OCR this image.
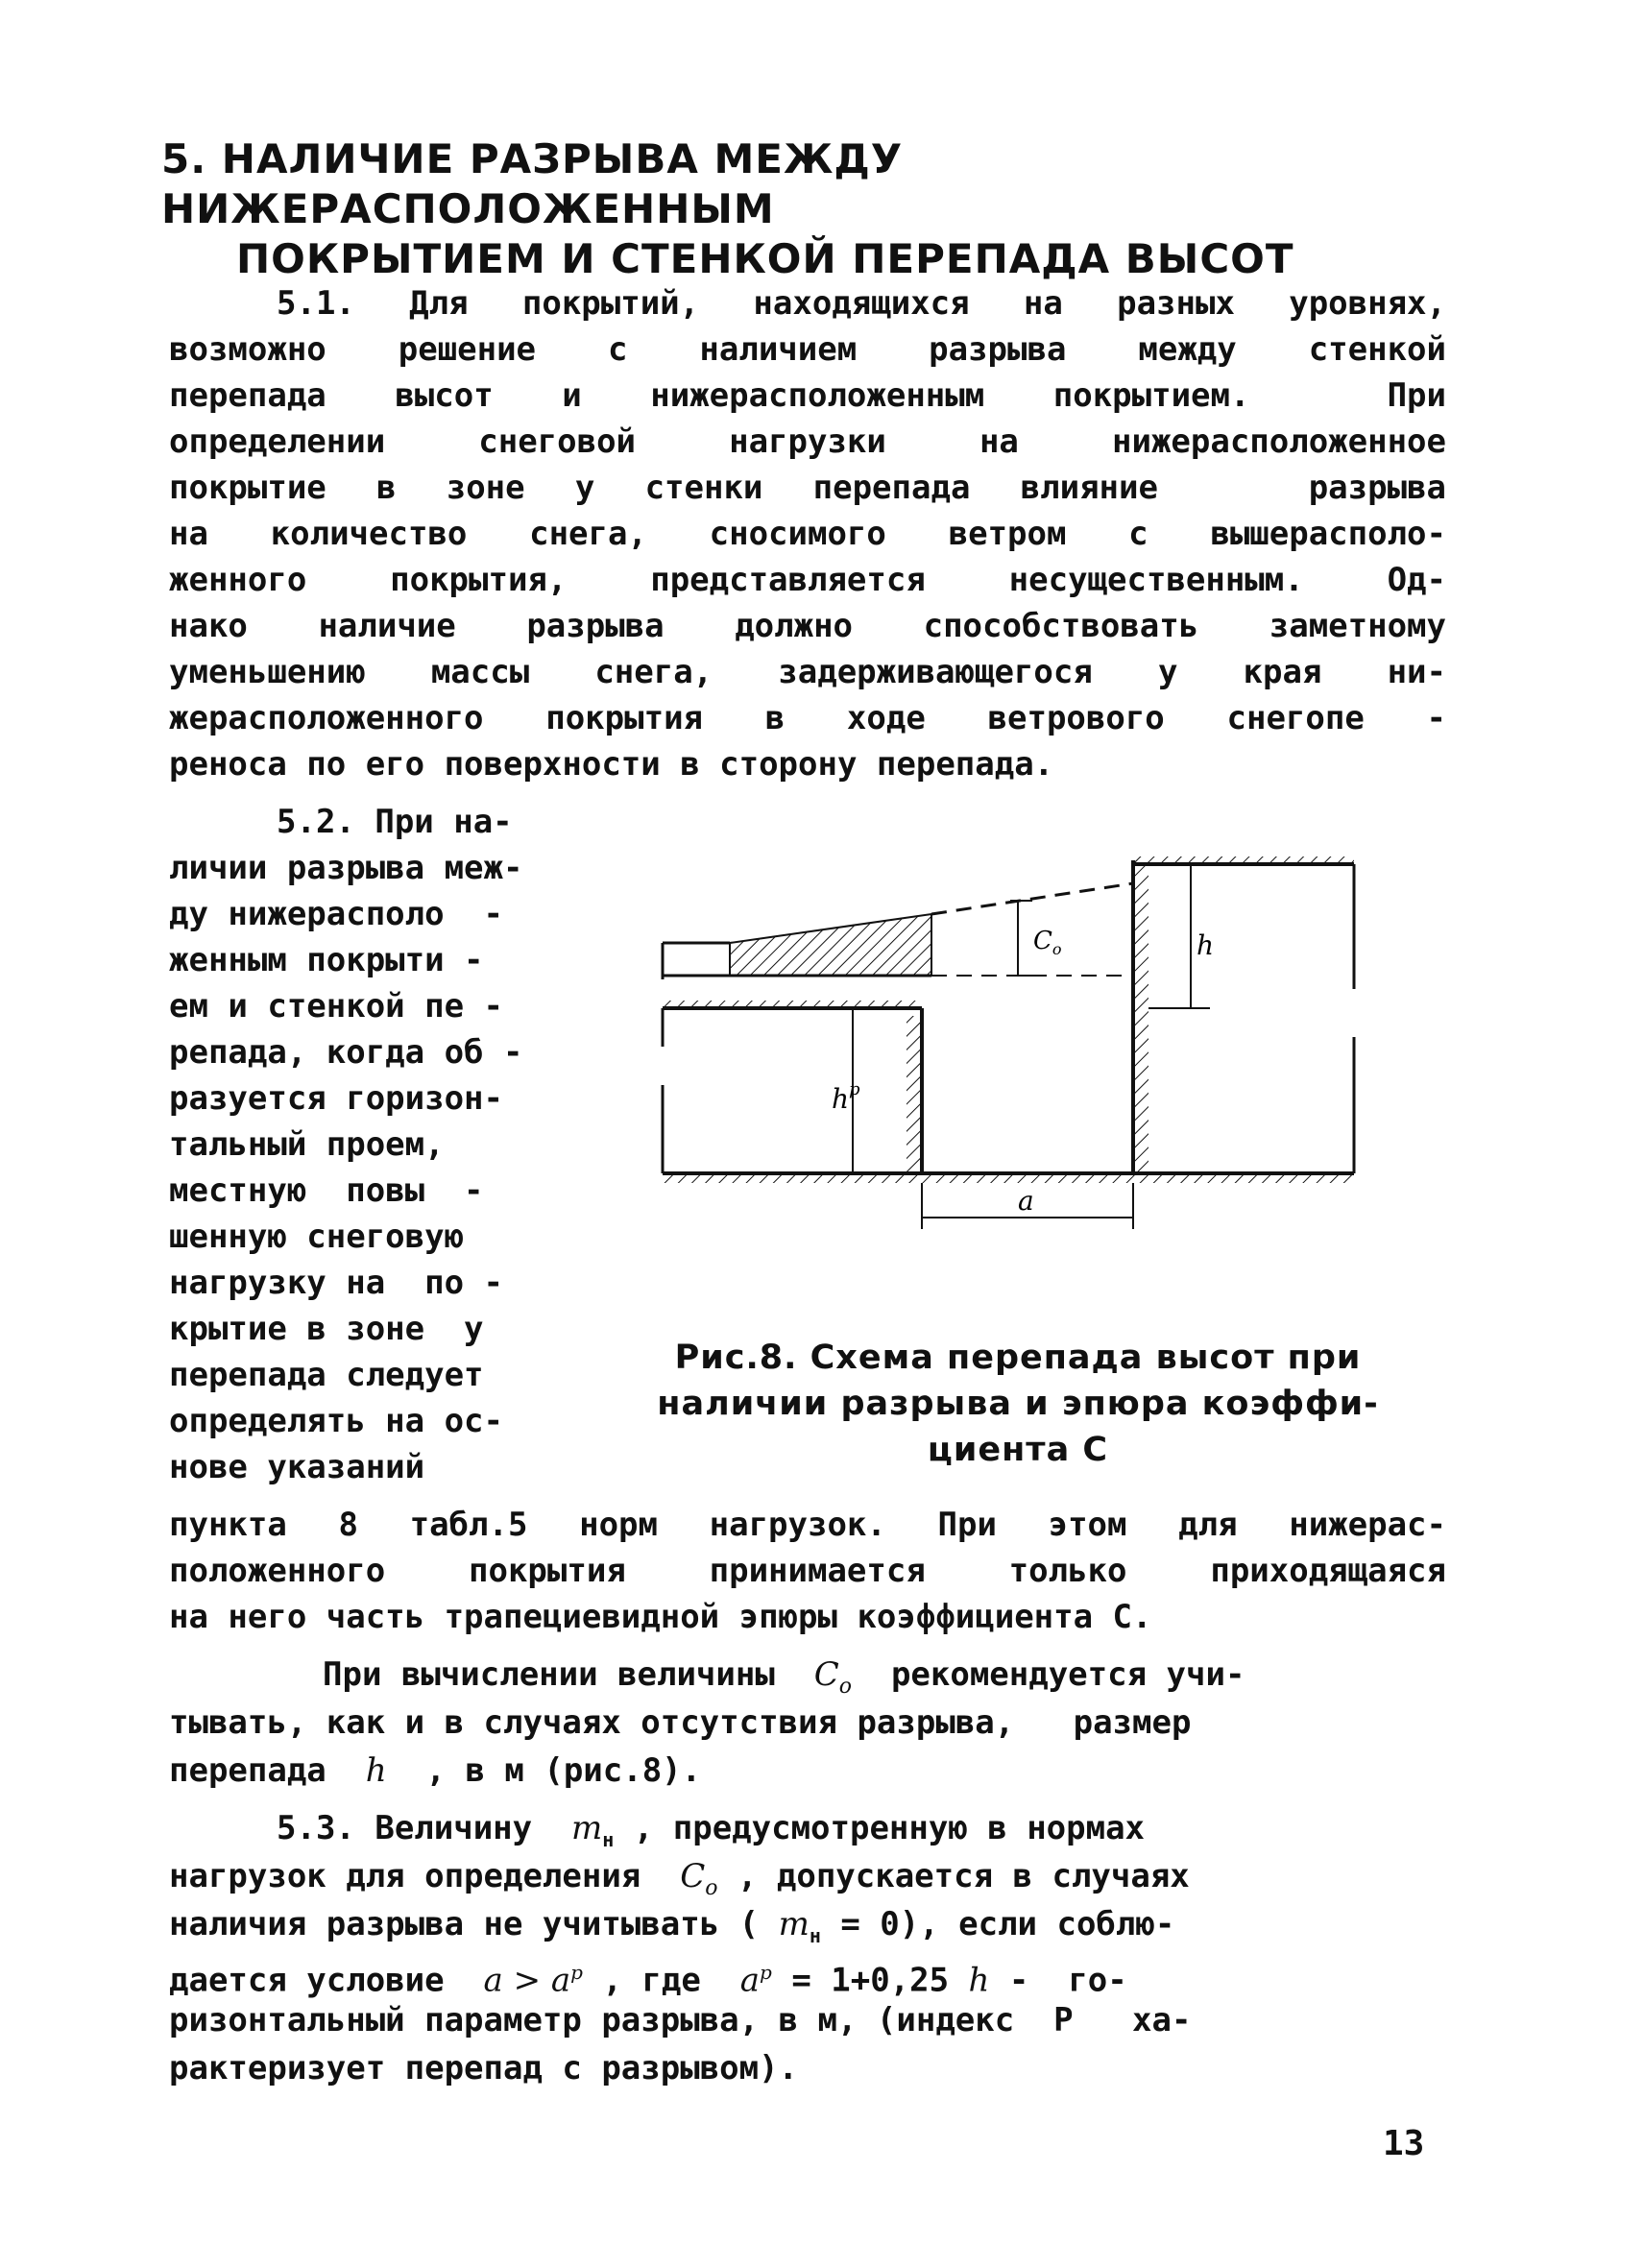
5. НАЛИЧИЕ РАЗРЫВА МЕЖДУ НИЖЕРАСПОЛОЖЕННЫМ
ПОКРЫТИЕМ И СТЕНКОЙ ПЕРЕПАДА ВЫСОТ
5.1. Для покрытий, находящихся на разных уровнях,
возможно решение с наличием разрыва между стенкой
перепада высот и нижерасположенным покрытием.  При
определении снеговой нагрузки на нижерасположенное
покрытие в зоне у стенки перепада влияние   разрыва
на количество снега, сносимого ветром с вышерасполо-
женного покрытия, представляется несущественным. Од-
нако наличие разрыва должно способствовать заметному
уменьшению массы снега, задерживающегося у края ни-
жерасположенного покрытия в ходе ветрового снегопе -
реноса по его поверхности в сторону перепада.
5.2. При на-
личии разрыва меж-
ду нижерасполо  -
женным покрыти -
ем и стенкой пе -
репада, когда об -
разуется горизон-
тальный проем,
местную  повы  -
шенную снеговую
нагрузку на  по -
крытие в зоне  у
перепада следует
определять на ос-
нове указаний
$C_o$	h
$h^p$
a
Рис.8. Схема перепада высот при
наличии разрыва и эпюра коэффи-
циента С
пункта 8 табл.5 норм нагрузок. При этом для нижерас-
положенного покрытия принимается только приходящаяся
на него часть трапециевидной эпюры коэффициента С.
При вычислении величины  $C_o$  рекомендуется учи-
тывать, как и в случаях отсутствия разрыва,   размер
перепада  h  , в м (рис.8).
5.3. Величину  $m_н$ , предусмотренную в нормах
нагрузок для определения  $C_o$ , допускается в случаях
наличия разрыва не учитывать ( $m_н = 0$), если соблю-
дается условие  $a > a^p$ , где  $a^p = 1+0,25$ h -  го-
ризонтальный параметр разрыва, в м, (индекс  P   ха-
рактеризует перепад с разрывом).
13
